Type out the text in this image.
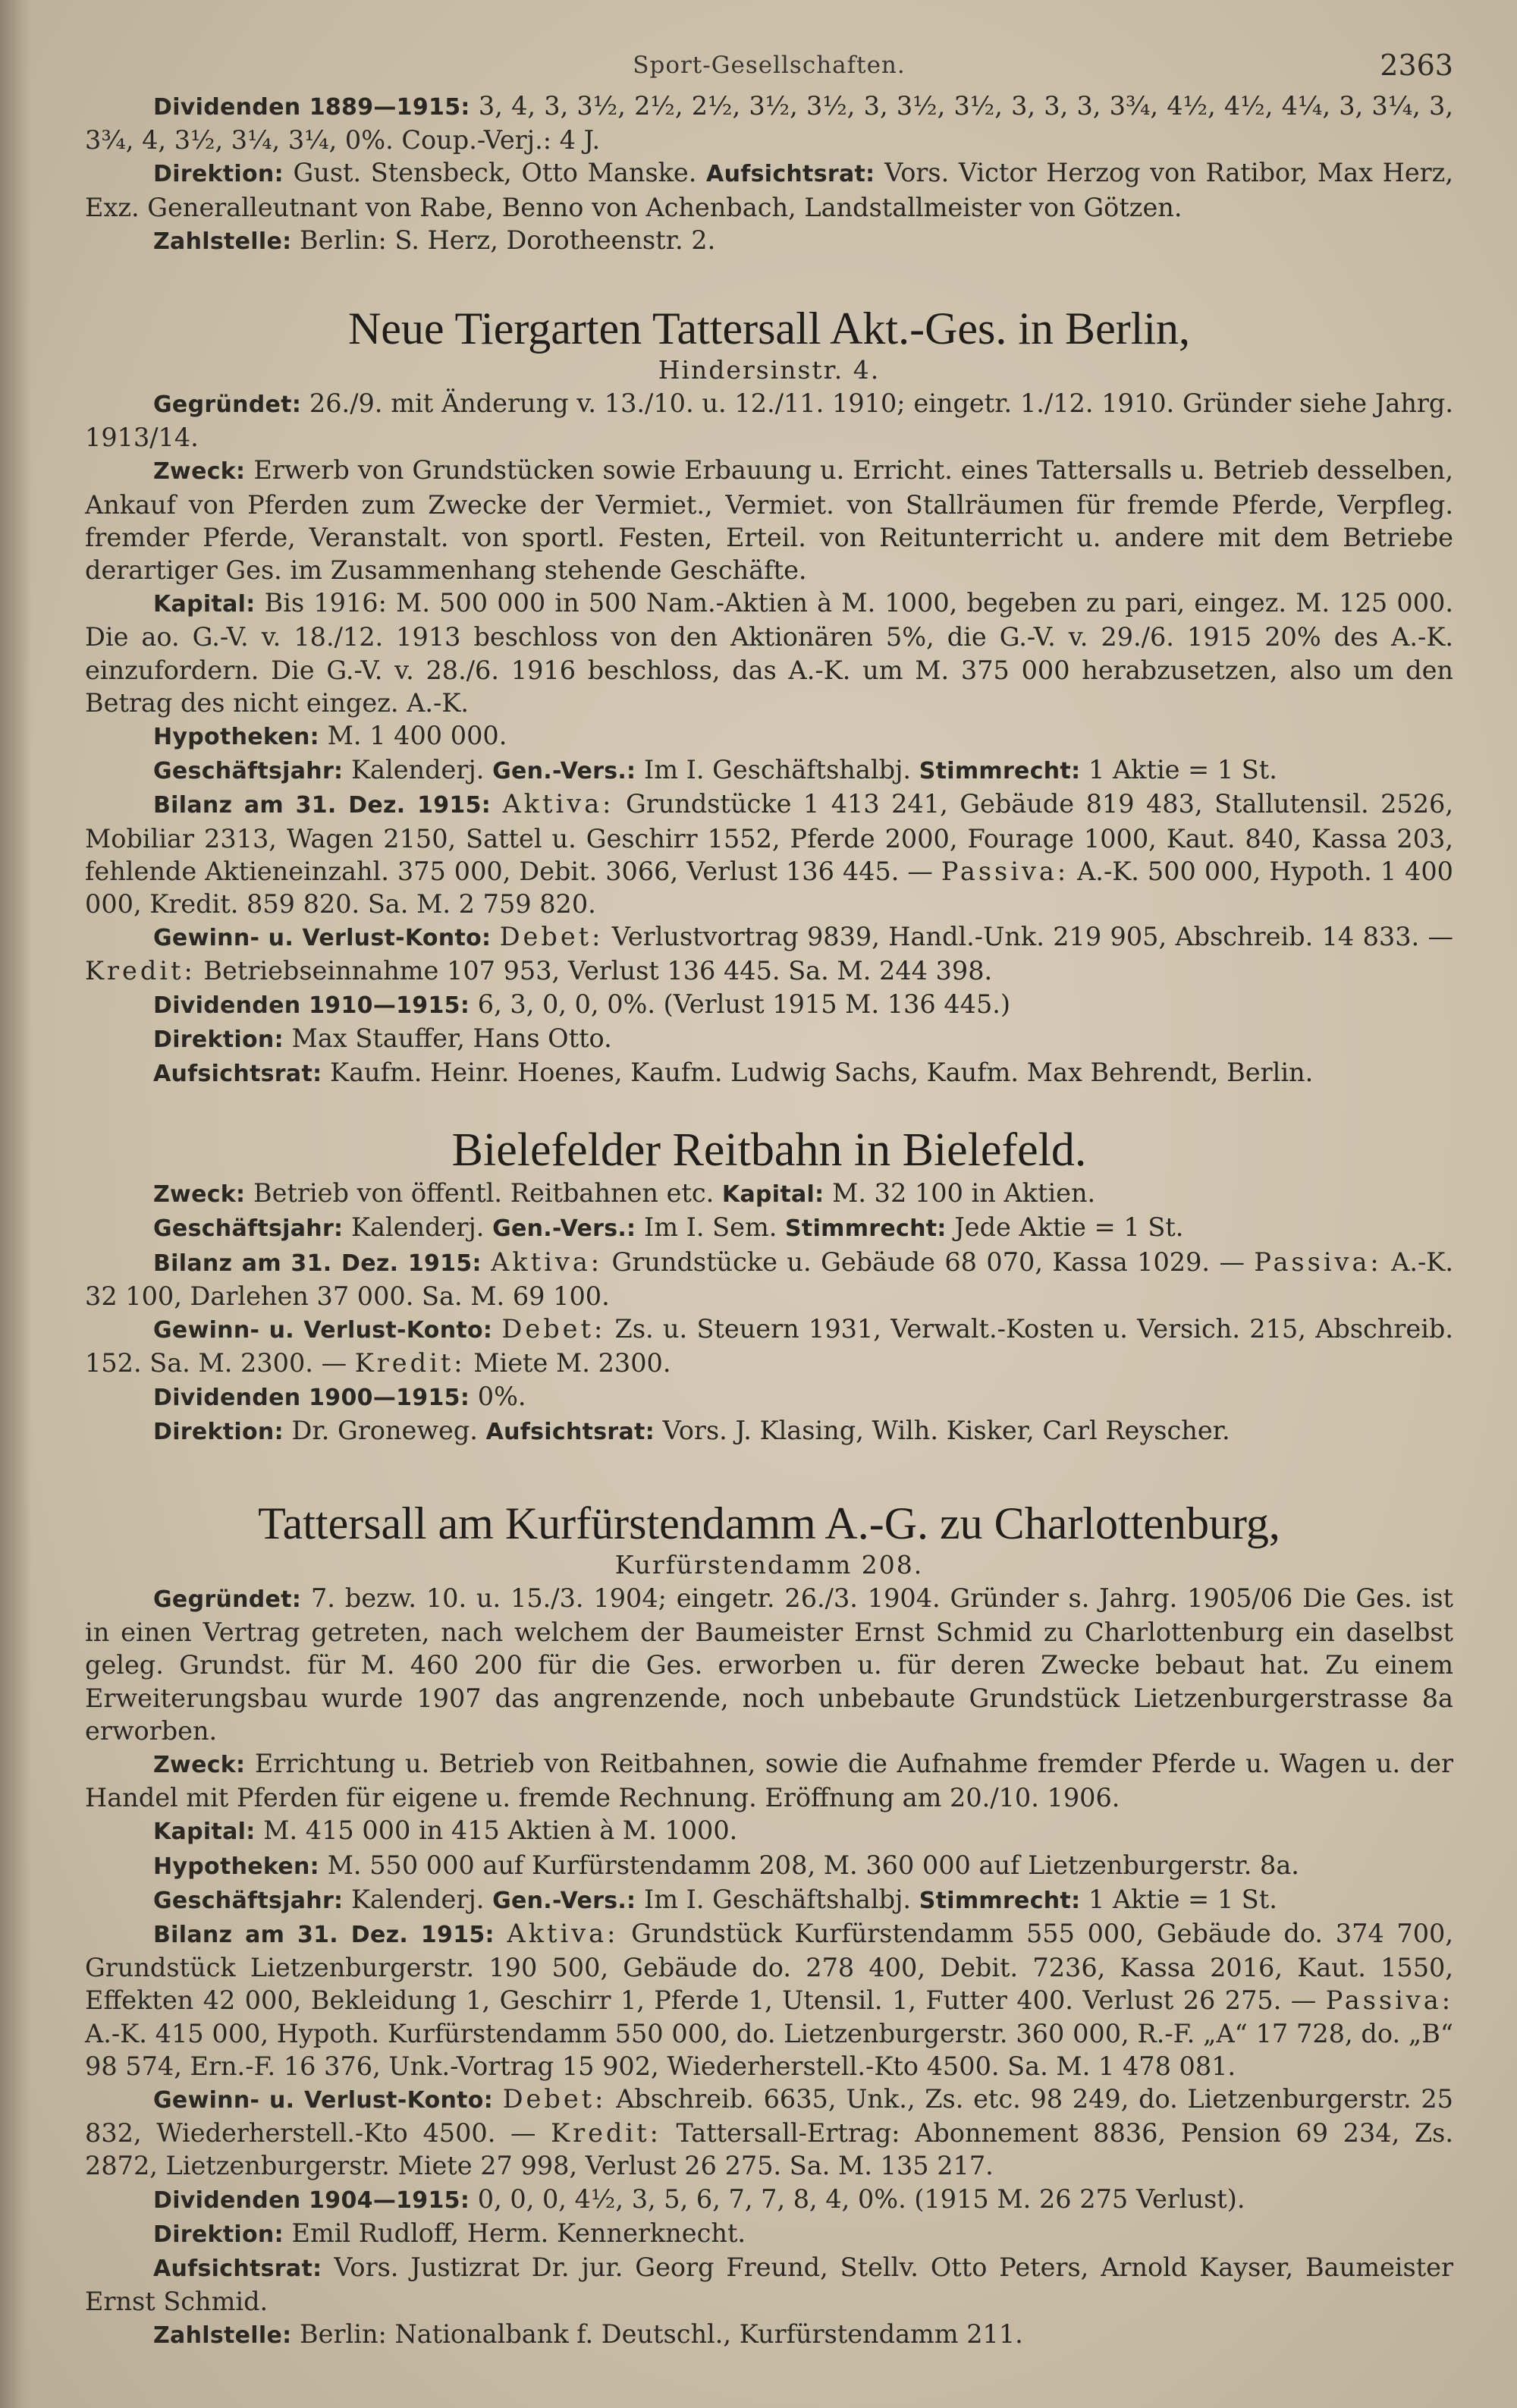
Sport-Gesellschaften.	2363

Dividenden 1889—1915: 3, 4, 3, 3½, 2½, 2½, 3½, 3½, 3, 3½, 3½, 3, 3, 3, 3¾, 4½, 4½, 4¼, 3, 3¼, 3, 3¾, 4, 3½, 3¼, 3¼, 0%. Coup.-Verj.: 4 J.

Direktion: Gust. Stensbeck, Otto Manske. Aufsichtsrat: Vors. Victor Herzog von Ratibor, Max Herz, Exz. Generalleutnant von Rabe, Benno von Achenbach, Landstallmeister von Götzen.

Zahlstelle: Berlin: S. Herz, Dorotheenstr. 2.

Neue Tiergarten Tattersall Akt.-Ges. in Berlin,

Hindersinstr. 4.

Gegründet: 26./9. mit Änderung v. 13./10. u. 12./11. 1910; eingetr. 1./12. 1910. Gründer siehe Jahrg. 1913/14.

Zweck: Erwerb von Grundstücken sowie Erbauung u. Erricht. eines Tattersalls u. Betrieb desselben, Ankauf von Pferden zum Zwecke der Vermiet., Vermiet. von Stallräumen für fremde Pferde, Verpfleg. fremder Pferde, Veranstalt. von sportl. Festen, Erteil. von Reitunterricht u. andere mit dem Betriebe derartiger Ges. im Zusammenhang stehende Geschäfte.

Kapital: Bis 1916: M. 500 000 in 500 Nam.-Aktien à M. 1000, begeben zu pari, eingez. M. 125 000. Die ao. G.-V. v. 18./12. 1913 beschloss von den Aktionären 5%, die G.-V. v. 29./6. 1915 20% des A.-K. einzufordern. Die G.-V. v. 28./6. 1916 beschloss, das A.-K. um M. 375 000 herabzusetzen, also um den Betrag des nicht eingez. A.-K.

Hypotheken: M. 1 400 000.

Geschäftsjahr: Kalenderj. Gen.-Vers.: Im I. Geschäftshalbj. Stimmrecht: 1 Aktie = 1 St.

Bilanz am 31. Dez. 1915: Aktiva: Grundstücke 1 413 241, Gebäude 819 483, Stallutensil. 2526, Mobiliar 2313, Wagen 2150, Sattel u. Geschirr 1552, Pferde 2000, Fourage 1000, Kaut. 840, Kassa 203, fehlende Aktieneinzahl. 375 000, Debit. 3066, Verlust 136 445. — Passiva: A.-K. 500 000, Hypoth. 1 400 000, Kredit. 859 820. Sa. M. 2 759 820.

Gewinn- u. Verlust-Konto: Debet: Verlustvortrag 9839, Handl.-Unk. 219 905, Abschreib. 14 833. — Kredit: Betriebseinnahme 107 953, Verlust 136 445. Sa. M. 244 398.

Dividenden 1910—1915: 6, 3, 0, 0, 0%. (Verlust 1915 M. 136 445.)

Direktion: Max Stauffer, Hans Otto.

Aufsichtsrat: Kaufm. Heinr. Hoenes, Kaufm. Ludwig Sachs, Kaufm. Max Behrendt, Berlin.

Bielefelder Reitbahn in Bielefeld.

Zweck: Betrieb von öffentl. Reitbahnen etc. Kapital: M. 32 100 in Aktien.

Geschäftsjahr: Kalenderj. Gen.-Vers.: Im I. Sem. Stimmrecht: Jede Aktie = 1 St.

Bilanz am 31. Dez. 1915: Aktiva: Grundstücke u. Gebäude 68 070, Kassa 1029. — Passiva: A.-K. 32 100, Darlehen 37 000. Sa. M. 69 100.

Gewinn- u. Verlust-Konto: Debet: Zs. u. Steuern 1931, Verwalt.-Kosten u. Versich. 215, Abschreib. 152. Sa. M. 2300. — Kredit: Miete M. 2300.

Dividenden 1900—1915: 0%.

Direktion: Dr. Groneweg. Aufsichtsrat: Vors. J. Klasing, Wilh. Kisker, Carl Reyscher.

Tattersall am Kurfürstendamm A.-G. zu Charlottenburg,

Kurfürstendamm 208.

Gegründet: 7. bezw. 10. u. 15./3. 1904; eingetr. 26./3. 1904. Gründer s. Jahrg. 1905/06 Die Ges. ist in einen Vertrag getreten, nach welchem der Baumeister Ernst Schmid zu Charlottenburg ein daselbst geleg. Grundst. für M. 460 200 für die Ges. erworben u. für deren Zwecke bebaut hat. Zu einem Erweiterungsbau wurde 1907 das angrenzende, noch unbebaute Grundstück Lietzenburgerstrasse 8a erworben.

Zweck: Errichtung u. Betrieb von Reitbahnen, sowie die Aufnahme fremder Pferde u. Wagen u. der Handel mit Pferden für eigene u. fremde Rechnung. Eröffnung am 20./10. 1906.

Kapital: M. 415 000 in 415 Aktien à M. 1000.

Hypotheken: M. 550 000 auf Kurfürstendamm 208, M. 360 000 auf Lietzenburgerstr. 8a.

Geschäftsjahr: Kalenderj. Gen.-Vers.: Im I. Geschäftshalbj. Stimmrecht: 1 Aktie = 1 St.

Bilanz am 31. Dez. 1915: Aktiva: Grundstück Kurfürstendamm 555 000, Gebäude do. 374 700, Grundstück Lietzenburgerstr. 190 500, Gebäude do. 278 400, Debit. 7236, Kassa 2016, Kaut. 1550, Effekten 42 000, Bekleidung 1, Geschirr 1, Pferde 1, Utensil. 1, Futter 400. Verlust 26 275. — Passiva: A.-K. 415 000, Hypoth. Kurfürstendamm 550 000, do. Lietzenburgerstr. 360 000, R.-F. „A“ 17 728, do. „B“ 98 574, Ern.-F. 16 376, Unk.-Vortrag 15 902, Wiederherstell.-Kto 4500. Sa. M. 1 478 081.

Gewinn- u. Verlust-Konto: Debet: Abschreib. 6635, Unk., Zs. etc. 98 249, do. Lietzenburgerstr. 25 832, Wiederherstell.-Kto 4500. — Kredit: Tattersall-Ertrag: Abonnement 8836, Pension 69 234, Zs. 2872, Lietzenburgerstr. Miete 27 998, Verlust 26 275. Sa. M. 135 217.

Dividenden 1904—1915: 0, 0, 0, 4½, 3, 5, 6, 7, 7, 8, 4, 0%. (1915 M. 26 275 Verlust).

Direktion: Emil Rudloff, Herm. Kennerknecht.

Aufsichtsrat: Vors. Justizrat Dr. jur. Georg Freund, Stellv. Otto Peters, Arnold Kayser, Baumeister Ernst Schmid.

Zahlstelle: Berlin: Nationalbank f. Deutschl., Kurfürstendamm 211.
